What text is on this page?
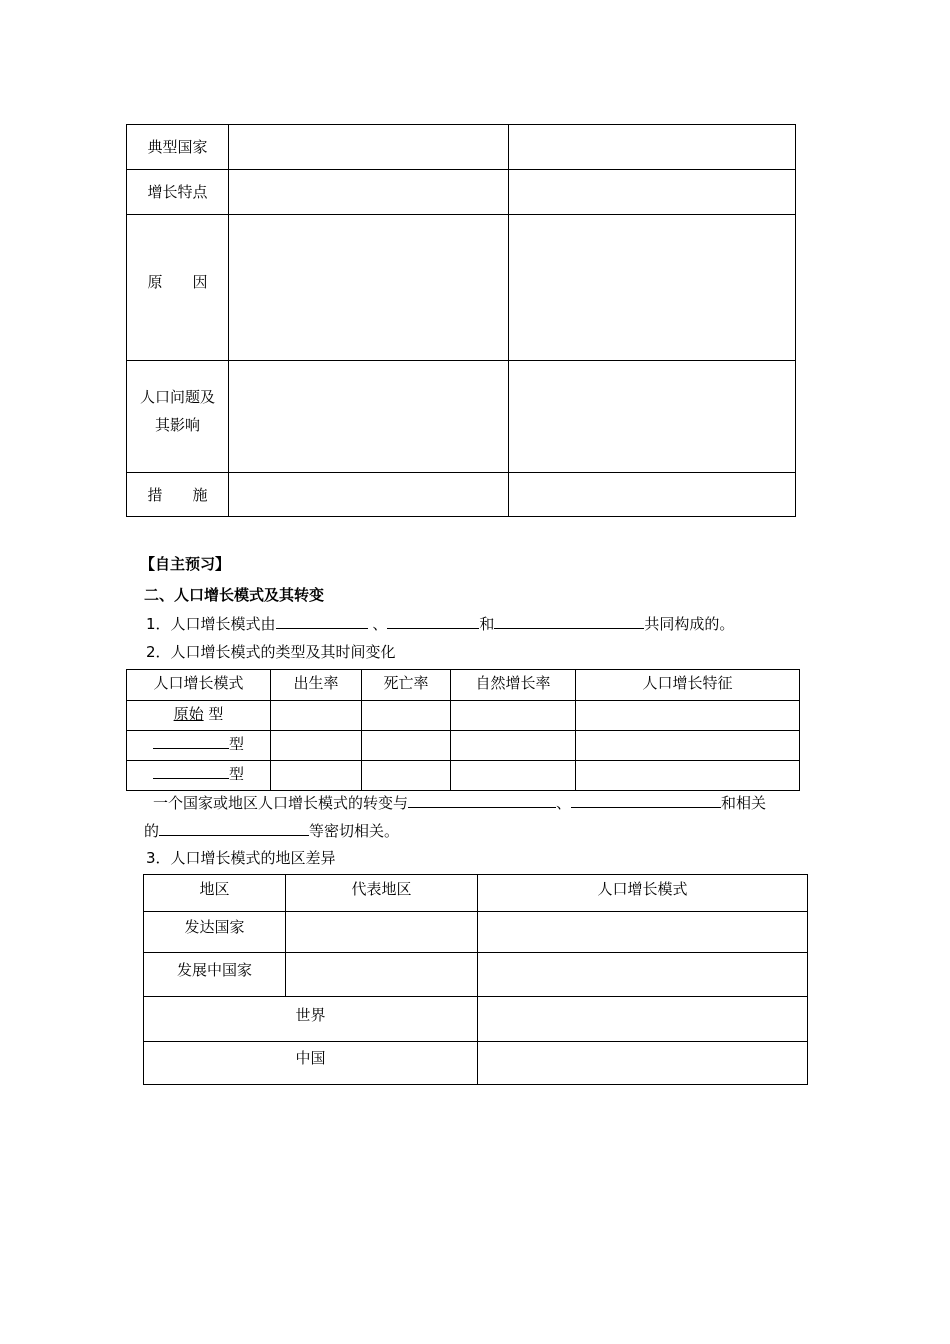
典型国家		
增长特点		
原　　因		

人口问题及
其影响		

措　　施		
【自主预习】
二、人口增长模式及其转变
1．人口增长模式由	、	和	共同构成的。
2．人口增长模式的类型及其时间变化
人口增长模式	出生率	死亡率	自然增长率	人口增长特征
原始 型				
型				
型				
一个国家或地区人口增长模式的转变与	、	和相关
的	等密切相关。
3．人口增长模式的地区差异
地区	代表地区	人口增长模式
发达国家		
发展中国家		
世界		
中国		
